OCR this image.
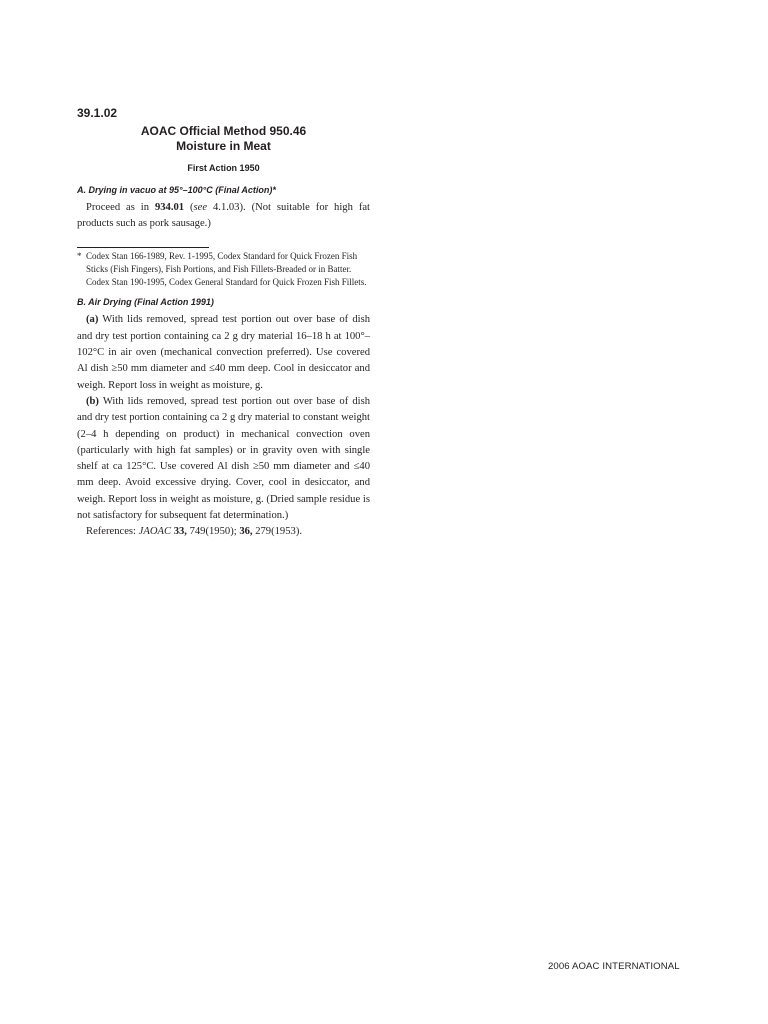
39.1.02
AOAC Official Method 950.46
Moisture in Meat
First Action 1950
A. Drying in vacuo at 95°–100°C (Final Action)*

Proceed as in 934.01 (see 4.1.03). (Not suitable for high fat products such as pork sausage.)

* Codex Stan 166-1989, Rev. 1-1995, Codex Standard for Quick Frozen Fish Sticks (Fish Fingers), Fish Portions, and Fish Fillets-Breaded or in Batter. Codex Stan 190-1995, Codex General Standard for Quick Frozen Fish Fillets.

B. Air Drying (Final Action 1991)

(a) With lids removed, spread test portion out over base of dish and dry test portion containing ca 2 g dry material 16–18 h at 100°–102°C in air oven (mechanical convection preferred). Use covered Al dish ≥50 mm diameter and ≤40 mm deep. Cool in desiccator and weigh. Report loss in weight as moisture, g.

(b) With lids removed, spread test portion out over base of dish and dry test portion containing ca 2 g dry material to constant weight (2–4 h depending on product) in mechanical convection oven (particularly with high fat samples) or in gravity oven with single shelf at ca 125°C. Use covered Al dish ≥50 mm diameter and ≤40 mm deep. Avoid excessive drying. Cover, cool in desiccator, and weigh. Report loss in weight as moisture, g. (Dried sample residue is not satisfactory for subsequent fat determination.)

References: JAOAC 33, 749(1950); 36, 279(1953).

2006 AOAC INTERNATIONAL
